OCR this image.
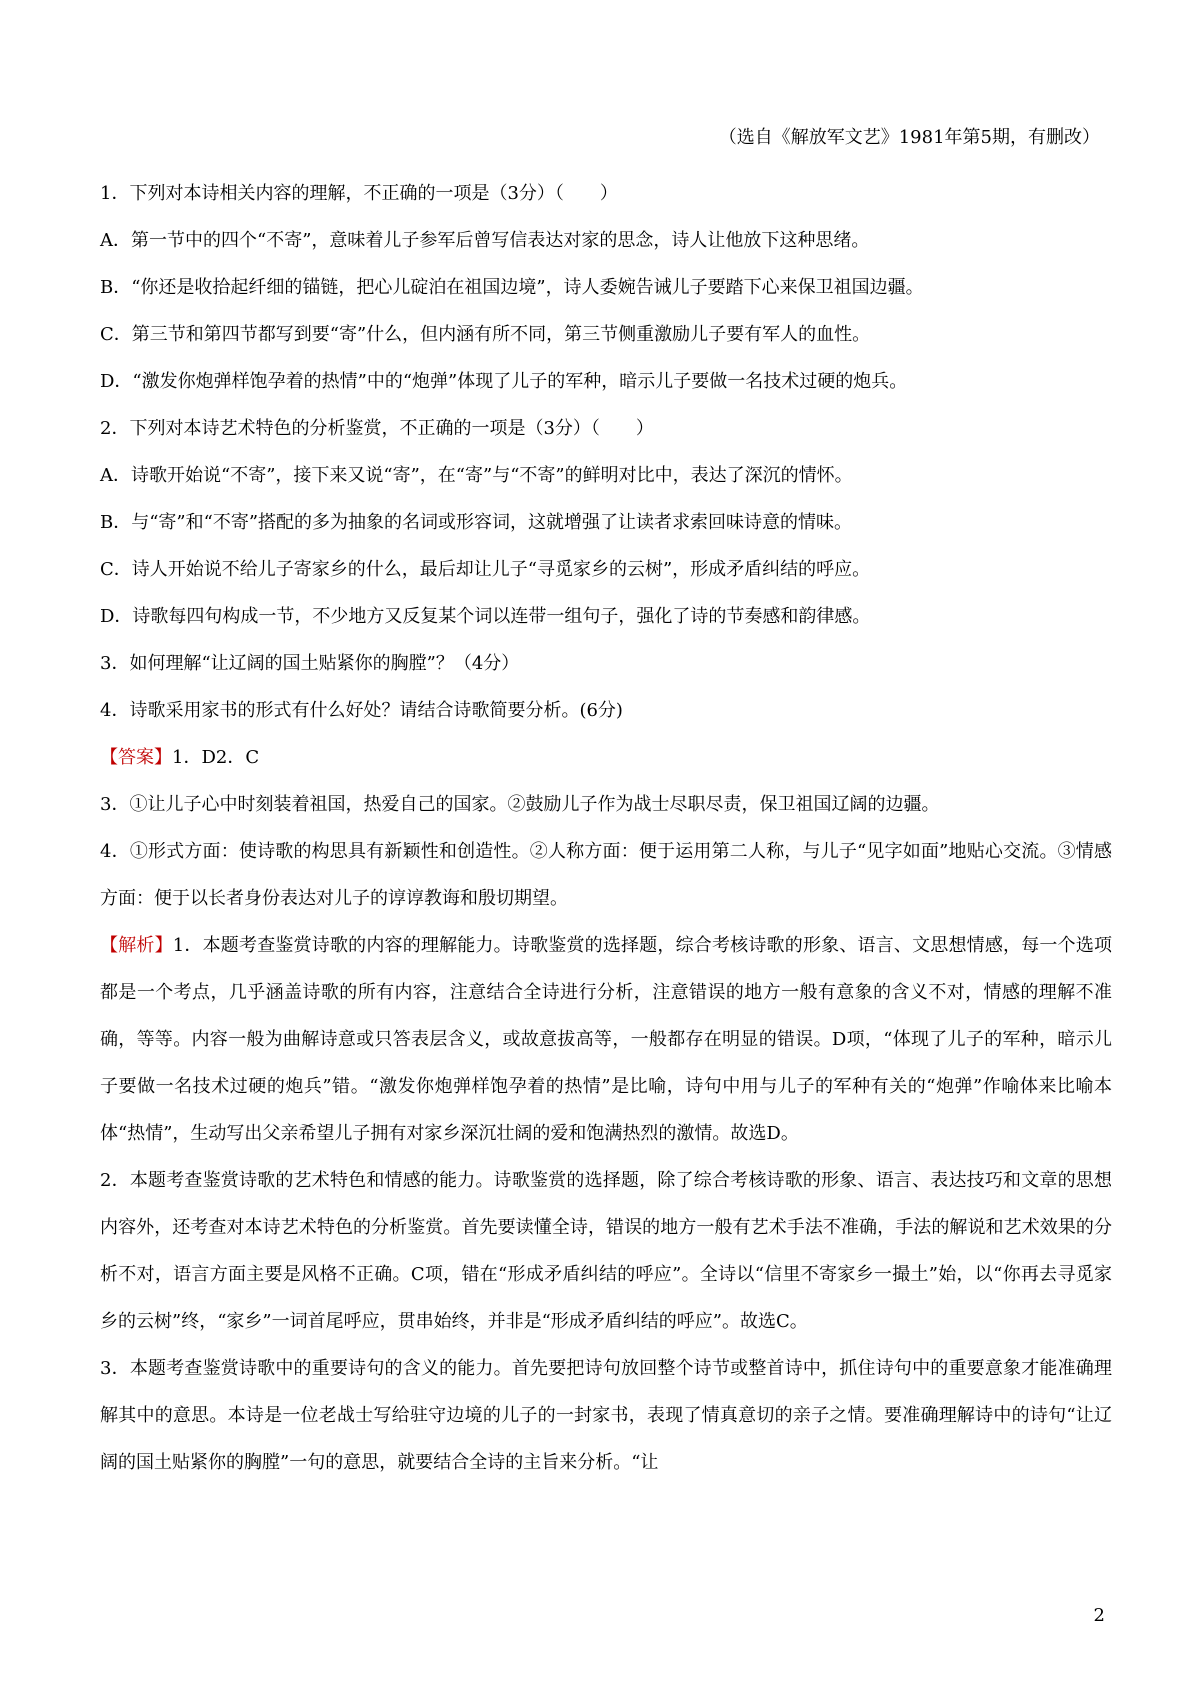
（选自《解放军文艺》1981年第5期，有删改）

1．下列对本诗相关内容的理解，不正确的一项是（3分）（　　）

A．第一节中的四个“不寄”，意味着儿子参军后曾写信表达对家的思念，诗人让他放下这种思绪。

B．“你还是收拾起纤细的锚链，把心儿碇泊在祖国边境”，诗人委婉告诫儿子要踏下心来保卫祖国边疆。

C．第三节和第四节都写到要“寄”什么，但内涵有所不同，第三节侧重激励儿子要有军人的血性。

D．“激发你炮弹样饱孕着的热情”中的“炮弹”体现了儿子的军种，暗示儿子要做一名技术过硬的炮兵。

2．下列对本诗艺术特色的分析鉴赏，不正确的一项是（3分）（　　）

A．诗歌开始说“不寄”，接下来又说“寄”，在“寄”与“不寄”的鲜明对比中，表达了深沉的情怀。

B．与“寄”和“不寄”搭配的多为抽象的名词或形容词，这就增强了让读者求索回味诗意的情味。

C．诗人开始说不给儿子寄家乡的什么，最后却让儿子“寻觅家乡的云树”，形成矛盾纠结的呼应。

D．诗歌每四句构成一节，不少地方又反复某个词以连带一组句子，强化了诗的节奏感和韵律感。

3．如何理解“让辽阔的国土贴紧你的胸膛”？（4分）

4．诗歌采用家书的形式有什么好处？请结合诗歌简要分析。(6分)

【答案】1．D2．C

3．①让儿子心中时刻装着祖国，热爱自己的国家。②鼓励儿子作为战士尽职尽责，保卫祖国辽阔的边疆。

4．①形式方面：使诗歌的构思具有新颖性和创造性。②人称方面：便于运用第二人称，与儿子“见字如面”地贴心交流。③情感方面：便于以长者身份表达对儿子的谆谆教诲和殷切期望。

【解析】1．本题考查鉴赏诗歌的内容的理解能力。诗歌鉴赏的选择题，综合考核诗歌的形象、语言、文思想情感，每一个选项都是一个考点，几乎涵盖诗歌的所有内容，注意结合全诗进行分析，注意错误的地方一般有意象的含义不对，情感的理解不准确，等等。内容一般为曲解诗意或只答表层含义，或故意拔高等，一般都存在明显的错误。D项，“体现了儿子的军种，暗示儿子要做一名技术过硬的炮兵”错。“激发你炮弹样饱孕着的热情”是比喻，诗句中用与儿子的军种有关的“炮弹”作喻体来比喻本体“热情”，生动写出父亲希望儿子拥有对家乡深沉壮阔的爱和饱满热烈的激情。故选D。

2．本题考查鉴赏诗歌的艺术特色和情感的能力。诗歌鉴赏的选择题，除了综合考核诗歌的形象、语言、表达技巧和文章的思想内容外，还考查对本诗艺术特色的分析鉴赏。首先要读懂全诗，错误的地方一般有艺术手法不准确，手法的解说和艺术效果的分析不对，语言方面主要是风格不正确。C项，错在“形成矛盾纠结的呼应”。全诗以“信里不寄家乡一撮土”始，以“你再去寻觅家乡的云树”终，“家乡”一词首尾呼应，贯串始终，并非是“形成矛盾纠结的呼应”。故选C。

3．本题考查鉴赏诗歌中的重要诗句的含义的能力。首先要把诗句放回整个诗节或整首诗中，抓住诗句中的重要意象才能准确理解其中的意思。本诗是一位老战士写给驻守边境的儿子的一封家书，表现了情真意切的亲子之情。要准确理解诗中的诗句“让辽阔的国土贴紧你的胸膛”一句的意思，就要结合全诗的主旨来分析。“让

2
